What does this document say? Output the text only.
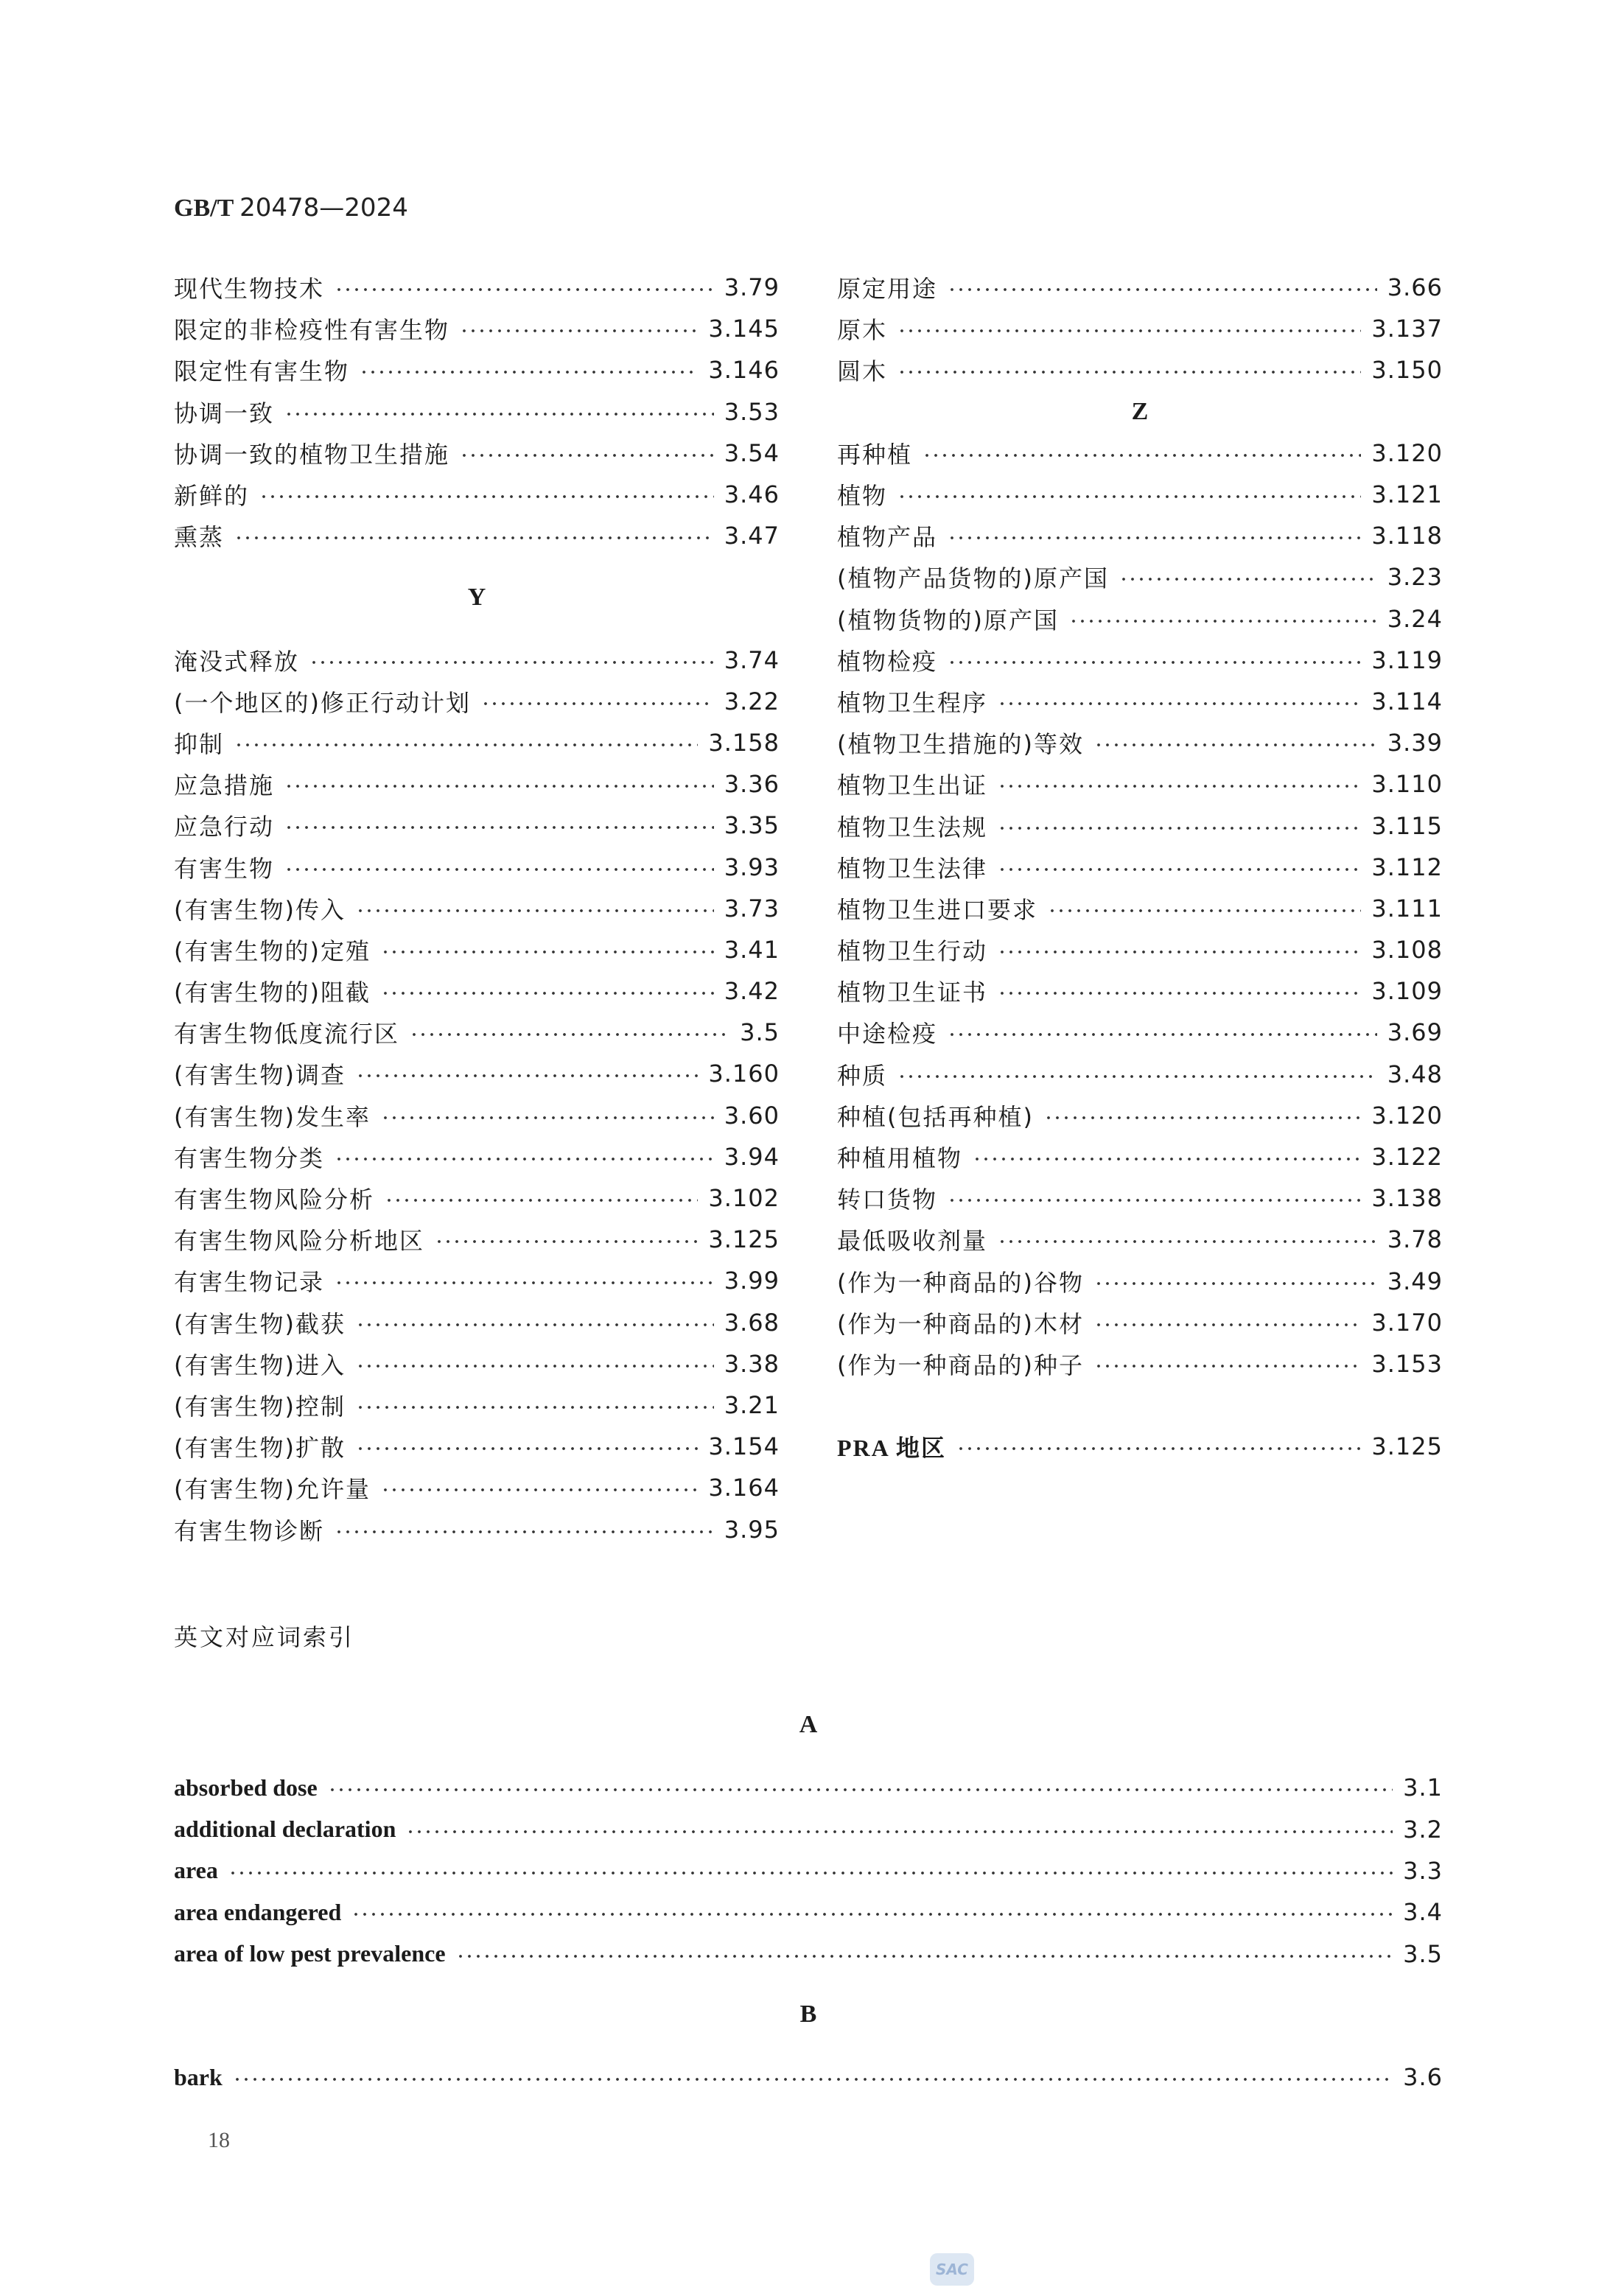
GB/T 20478—2024
现代生物技术	3.79
限定的非检疫性有害生物	3.145
限定性有害生物	3.146
协调一致	3.53
协调一致的植物卫生措施	3.54
新鲜的	3.46
熏蒸	3.47
Y
淹没式释放	3.74
(一个地区的)修正行动计划	3.22
抑制	3.158
应急措施	3.36
应急行动	3.35
有害生物	3.93
(有害生物)传入	3.73
(有害生物的)定殖	3.41
(有害生物的)阻截	3.42
有害生物低度流行区	3.5
(有害生物)调查	3.160
(有害生物)发生率	3.60
有害生物分类	3.94
有害生物风险分析	3.102
有害生物风险分析地区	3.125
有害生物记录	3.99
(有害生物)截获	3.68
(有害生物)进入	3.38
(有害生物)控制	3.21
(有害生物)扩散	3.154
(有害生物)允许量	3.164
有害生物诊断	3.95
原定用途	3.66
原木	3.137
圆木	3.150
Z
再种植	3.120
植物	3.121
植物产品	3.118
(植物产品货物的)原产国	3.23
(植物货物的)原产国	3.24
植物检疫	3.119
植物卫生程序	3.114
(植物卫生措施的)等效	3.39
植物卫生出证	3.110
植物卫生法规	3.115
植物卫生法律	3.112
植物卫生进口要求	3.111
植物卫生行动	3.108
植物卫生证书	3.109
中途检疫	3.69
种质	3.48
种植(包括再种植)	3.120
种植用植物	3.122
转口货物	3.138
最低吸收剂量	3.78
(作为一种商品的)谷物	3.49
(作为一种商品的)木材	3.170
(作为一种商品的)种子	3.153
PRA 地区	3.125
英文对应词索引
A
absorbed dose	3.1
additional declaration	3.2
area	3.3
area endangered	3.4
area of low pest prevalence	3.5
B
bark	3.6
18
SAC
